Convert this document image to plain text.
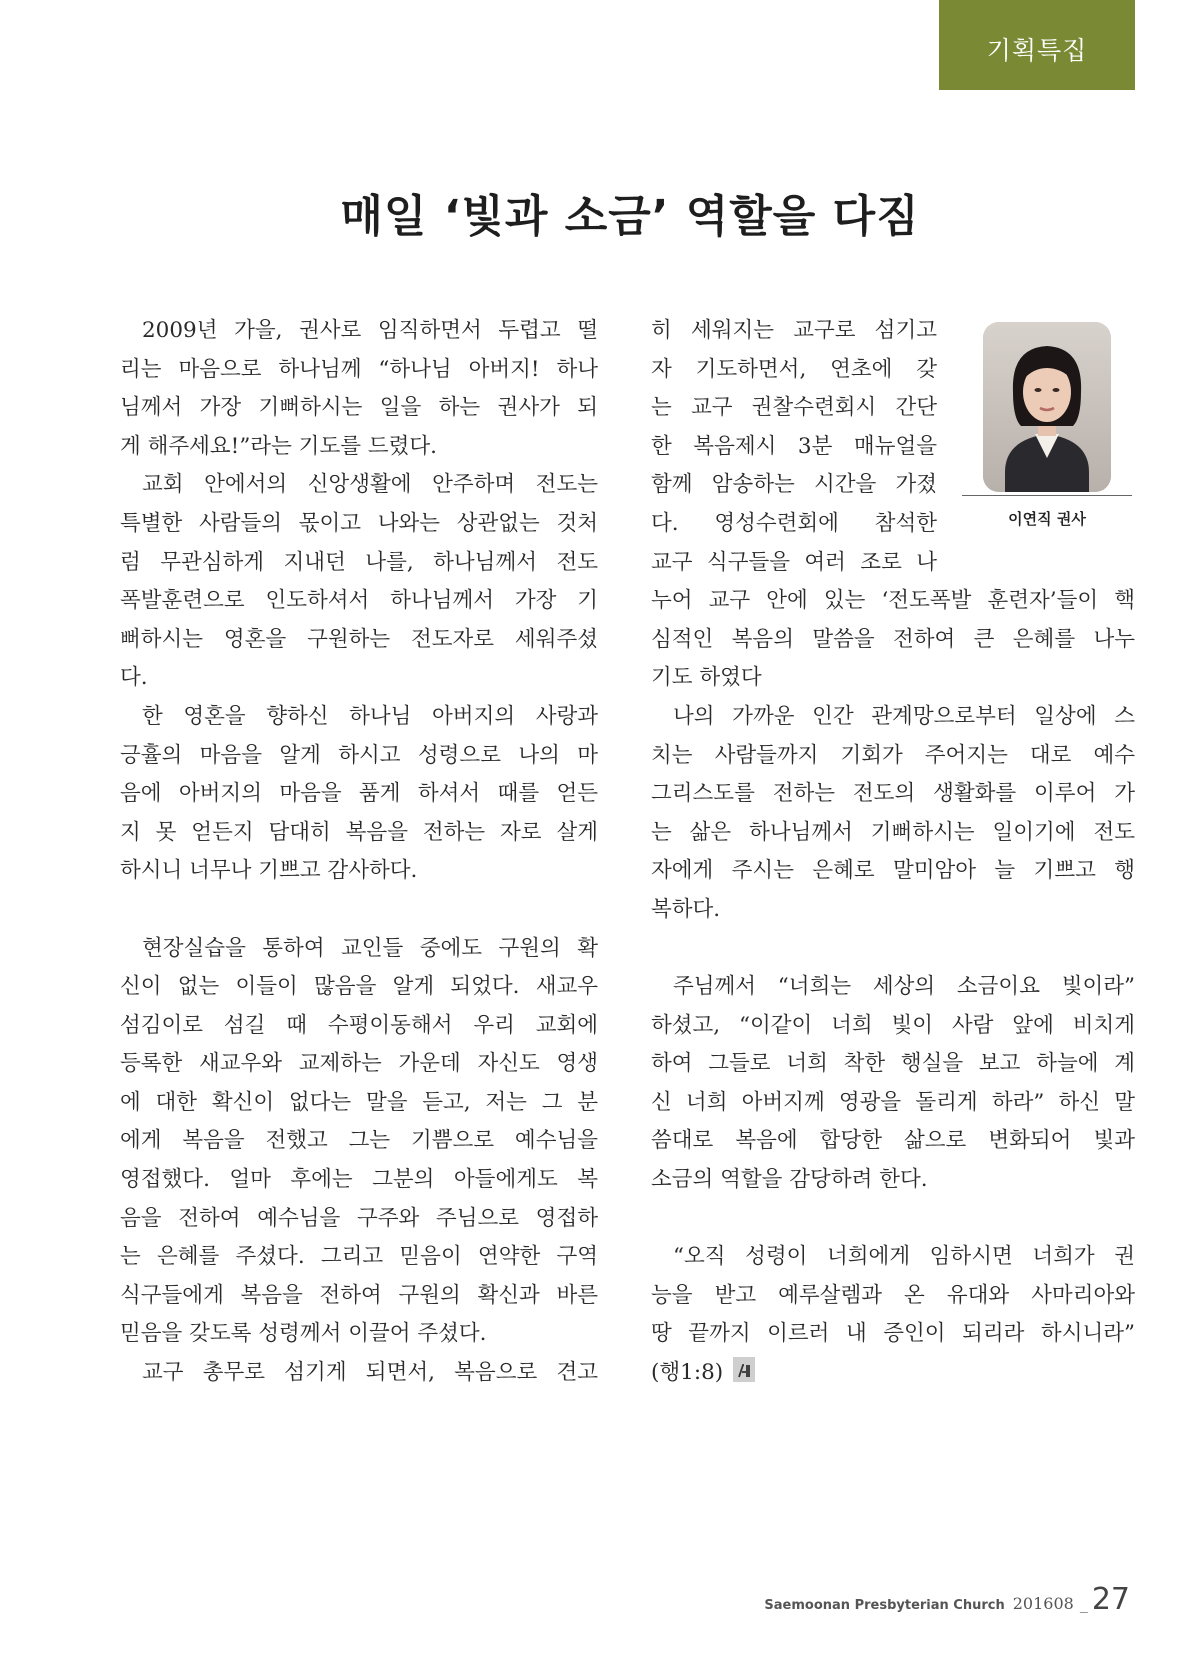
기획특집
매일 ‘빛과 소금’ 역할을 다짐
2009년 가을, 권사로 임직하면서 두렵고 떨
리는 마음으로 하나님께 “하나님 아버지! 하나
님께서 가장 기뻐하시는 일을 하는 권사가 되
게 해주세요!”라는 기도를 드렸다.
교회 안에서의 신앙생활에 안주하며 전도는
특별한 사람들의 몫이고 나와는 상관없는 것처
럼 무관심하게 지내던 나를, 하나님께서 전도
폭발훈련으로 인도하셔서 하나님께서 가장 기
뻐하시는 영혼을 구원하는 전도자로 세워주셨
다.
한 영혼을 향하신 하나님 아버지의 사랑과
긍휼의 마음을 알게 하시고 성령으로 나의 마
음에 아버지의 마음을 품게 하셔서 때를 얻든
지 못 얻든지 담대히 복음을 전하는 자로 살게
하시니 너무나 기쁘고 감사하다.
현장실습을 통하여 교인들 중에도 구원의 확
신이 없는 이들이 많음을 알게 되었다. 새교우
섬김이로 섬길 때 수평이동해서 우리 교회에
등록한 새교우와 교제하는 가운데 자신도 영생
에 대한 확신이 없다는 말을 듣고, 저는 그 분
에게 복음을 전했고 그는 기쁨으로 예수님을
영접했다. 얼마 후에는 그분의 아들에게도 복
음을 전하여 예수님을 구주와 주님으로 영접하
는 은혜를 주셨다. 그리고 믿음이 연약한 구역
식구들에게 복음을 전하여 구원의 확신과 바른
믿음을 갖도록 성령께서 이끌어 주셨다.
교구 총무로 섬기게 되면서, 복음으로 견고
히 세워지는 교구로 섬기고
자 기도하면서, 연초에 갖
는 교구 권찰수련회시 간단
한 복음제시 3분 매뉴얼을
함께 암송하는 시간을 가졌
다. 영성수련회에 참석한
교구 식구들을 여러 조로 나
누어 교구 안에 있는 ‘전도폭발 훈련자’들이 핵
심적인 복음의 말씀을 전하여 큰 은혜를 나누
기도 하였다
나의 가까운 인간 관계망으로부터 일상에 스
치는 사람들까지 기회가 주어지는 대로 예수
그리스도를 전하는 전도의 생활화를 이루어 가
는 삶은 하나님께서 기뻐하시는 일이기에 전도
자에게 주시는 은혜로 말미암아 늘 기쁘고 행
복하다.
주님께서 “너희는 세상의 소금이요 빛이라”
하셨고, “이같이 너희 빛이 사람 앞에 비치게
하여 그들로 너희 착한 행실을 보고 하늘에 계
신 너희 아버지께 영광을 돌리게 하라” 하신 말
씀대로 복음에 합당한 삶으로 변화되어 빛과
소금의 역할을 감당하려 한다.
“오직 성령이 너희에게 임하시면 너희가 권
능을 받고 예루살렘과 온 유대와 사마리아와
땅 끝까지 이르러 내 증인이 되리라 하시니라”
(행1:8)
이연직 권사
Saemoonan Presbyterian Church 201608 _ 27
